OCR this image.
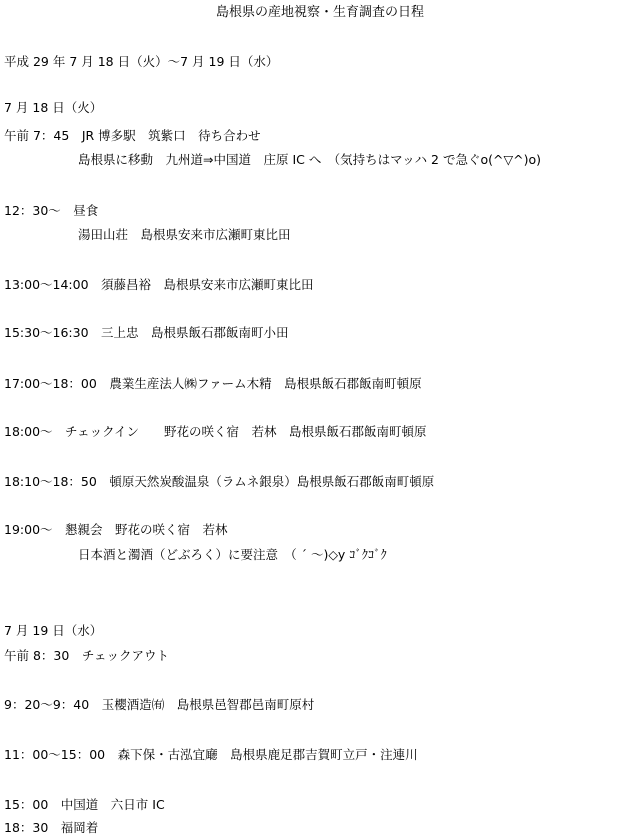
島根県の産地視察・生育調査の日程
平成 29 年 7 月 18 日（火）～7 月 19 日（水）
7 月 18 日（火）
午前 7：45　JR 博多駅　筑紫口　待ち合わせ
島根県に移動　九州道⇒中国道　庄原 IC へ　（気持ちはマッハ 2 で急ぐo(^▽^)o)
12：30～　昼食
湯田山荘　島根県安来市広瀬町東比田
13:00～14:00　須藤昌裕　島根県安来市広瀬町東比田
15:30～16:30　三上忠　島根県飯石郡飯南町小田
17:00～18：00　農業生産法人㈱ファーム木精　島根県飯石郡飯南町頓原
18:00～　チェックイン　　野花の咲く宿　若林　島根県飯石郡飯南町頓原
18:10～18：50　頓原天然炭酸温泉（ラムネ銀泉）島根県飯石郡飯南町頓原
19:00～　懇親会　野花の咲く宿　若林
日本酒と濁酒（どぶろく）に要注意　（ ´ ～)◇y ｺﾞｸｺﾞｸ
7 月 19 日（水）
午前 8：30　チェックアウト
9：20～9：40　玉櫻酒造㈲　島根県邑智郡邑南町原村
11：00～15：00　森下保・古泓宜廰　島根県鹿足郡吉賀町立戸・注連川
15：00　中国道　六日市 IC
18：30　福岡着
